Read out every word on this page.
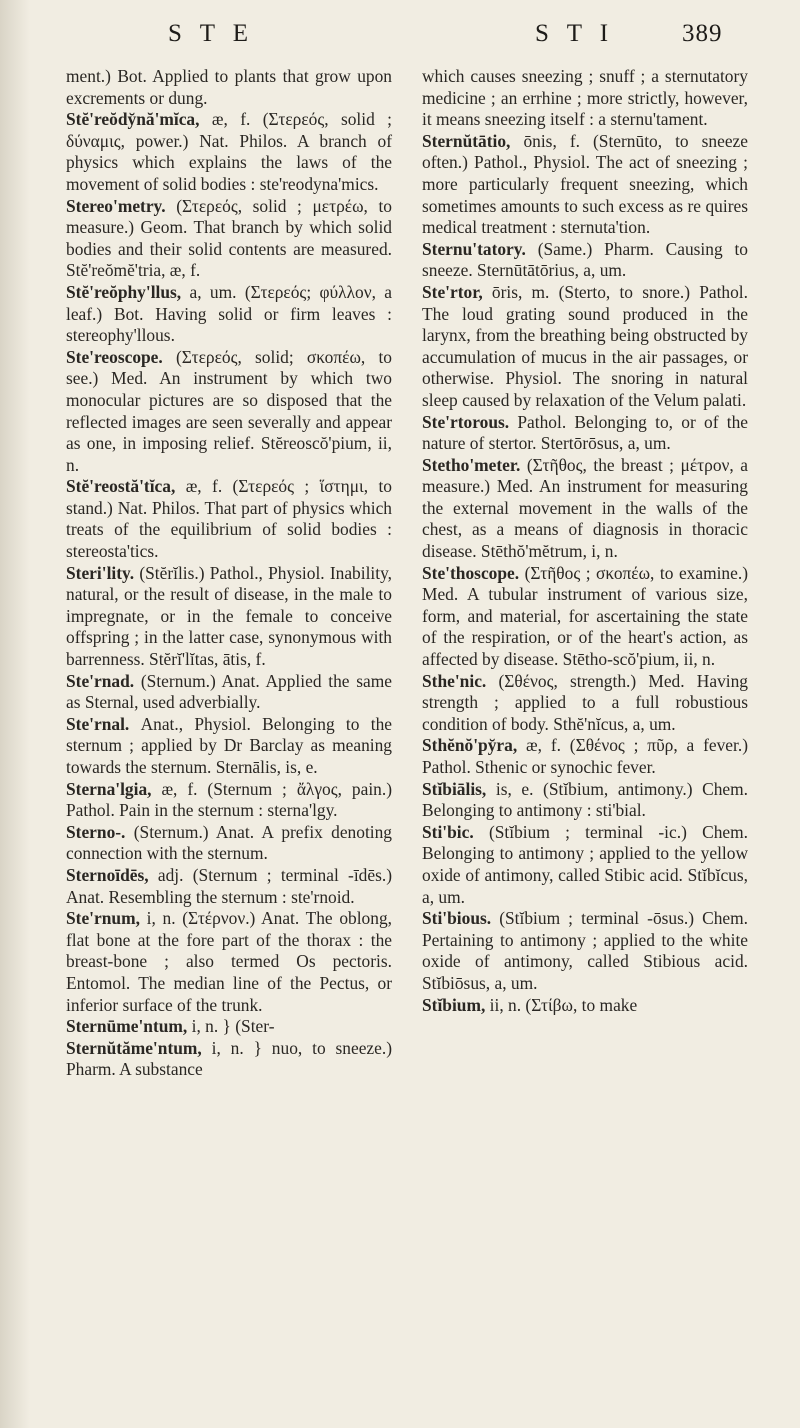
S T E	S T I	389

ment.) Bot. Applied to plants that grow upon excrements or dung.

Stĕ'reŏdy̆nă'mĭca, æ, f. (Στερεός, solid ; δύναμις, power.) Nat. Philos. A branch of physics which explains the laws of the movement of solid bodies : ste'reodyna'mics.

Stereo'metry. (Στερεός, solid ; μετρέω, to measure.) Geom. That branch by which solid bodies and their solid contents are measured. Stĕ'reŏmĕ'tria, æ, f.

Stĕ'reŏphy'llus, a, um. (Στερεός; φύλλον, a leaf.) Bot. Having solid or firm leaves : stereophy'llous.

Ste'reoscope. (Στερεός, solid; σκοπέω, to see.) Med. An instrument by which two monocular pictures are so disposed that the reflected images are seen severally and appear as one, in imposing relief. Stĕreoscŏ'pium, ii, n.

Stĕ'reostă'tĭca, æ, f. (Στερεός ; ἵστημι, to stand.) Nat. Philos. That part of physics which treats of the equilibrium of solid bodies : stereosta'tics.

Steri'lity. (Stĕrĭlis.) Pathol., Physiol. Inability, natural, or the result of disease, in the male to impregnate, or in the female to conceive offspring ; in the latter case, synonymous with barrenness. Stĕrĭ'lĭtas, ātis, f.

Ste'rnad. (Sternum.) Anat. Applied the same as Sternal, used adverbially.

Ste'rnal. Anat., Physiol. Belonging to the sternum ; applied by Dr Barclay as meaning towards the sternum. Sternālis, is, e.

Sterna'lgia, æ, f. (Sternum ; ἄλγος, pain.) Pathol. Pain in the sternum : sterna'lgy.

Sterno-. (Sternum.) Anat. A prefix denoting connection with the sternum.

Sternoīdēs, adj. (Sternum ; terminal -īdēs.) Anat. Resembling the sternum : ste'rnoid.

Ste'rnum, i, n. (Στέρνον.) Anat. The oblong, flat bone at the fore part of the thorax : the breast-bone ; also termed Os pectoris. Entomol. The median line of the Pectus, or inferior surface of the trunk.

Sternūme'ntum, i, n. } (Ster-

Sternŭtăme'ntum, i, n. } nuo, to sneeze.) Pharm. A substance

which causes sneezing ; snuff ; a sternutatory medicine ; an errhine ; more strictly, however, it means sneezing itself : a sternu'tament.

Sternŭtātio, ōnis, f. (Sternūto, to sneeze often.) Pathol., Physiol. The act of sneezing ; more particularly frequent sneezing, which sometimes amounts to such excess as re quires medical treatment : sternuta'tion.

Sternu'tatory. (Same.) Pharm. Causing to sneeze. Sternūtātōrius, a, um.

Ste'rtor, ōris, m. (Sterto, to snore.) Pathol. The loud grating sound produced in the larynx, from the breathing being obstructed by accumulation of mucus in the air passages, or otherwise. Physiol. The snoring in natural sleep caused by relaxation of the Velum palati.

Ste'rtorous. Pathol. Belonging to, or of the nature of stertor. Stertōrōsus, a, um.

Stetho'meter. (Στῆθος, the breast ; μέτρον, a measure.) Med. An instrument for measuring the external movement in the walls of the chest, as a means of diagnosis in thoracic disease. Stēthŏ'mĕtrum, i, n.

Ste'thoscope. (Στῆθος ; σκοπέω, to examine.) Med. A tubular instrument of various size, form, and material, for ascertaining the state of the respiration, or of the heart's action, as affected by disease. Stētho-scŏ'pium, ii, n.

Sthe'nic. (Σθένος, strength.) Med. Having strength ; applied to a full robustious condition of body. Sthĕ'nĭcus, a, um.

Sthĕnŏ'py̆ra, æ, f. (Σθένος ; πῦρ, a fever.) Pathol. Sthenic or synochic fever.

Stĭbiālis, is, e. (Stĭbium, antimony.) Chem. Belonging to antimony : sti'bial.

Sti'bic. (Stĭbium ; terminal -ic.) Chem. Belonging to antimony ; applied to the yellow oxide of antimony, called Stibic acid. Stĭbĭcus, a, um.

Sti'bious. (Stĭbium ; terminal -ōsus.) Chem. Pertaining to antimony ; applied to the white oxide of antimony, called Stibious acid. Stĭbiōsus, a, um.

Stĭbium, ii, n. (Στίβω, to make
